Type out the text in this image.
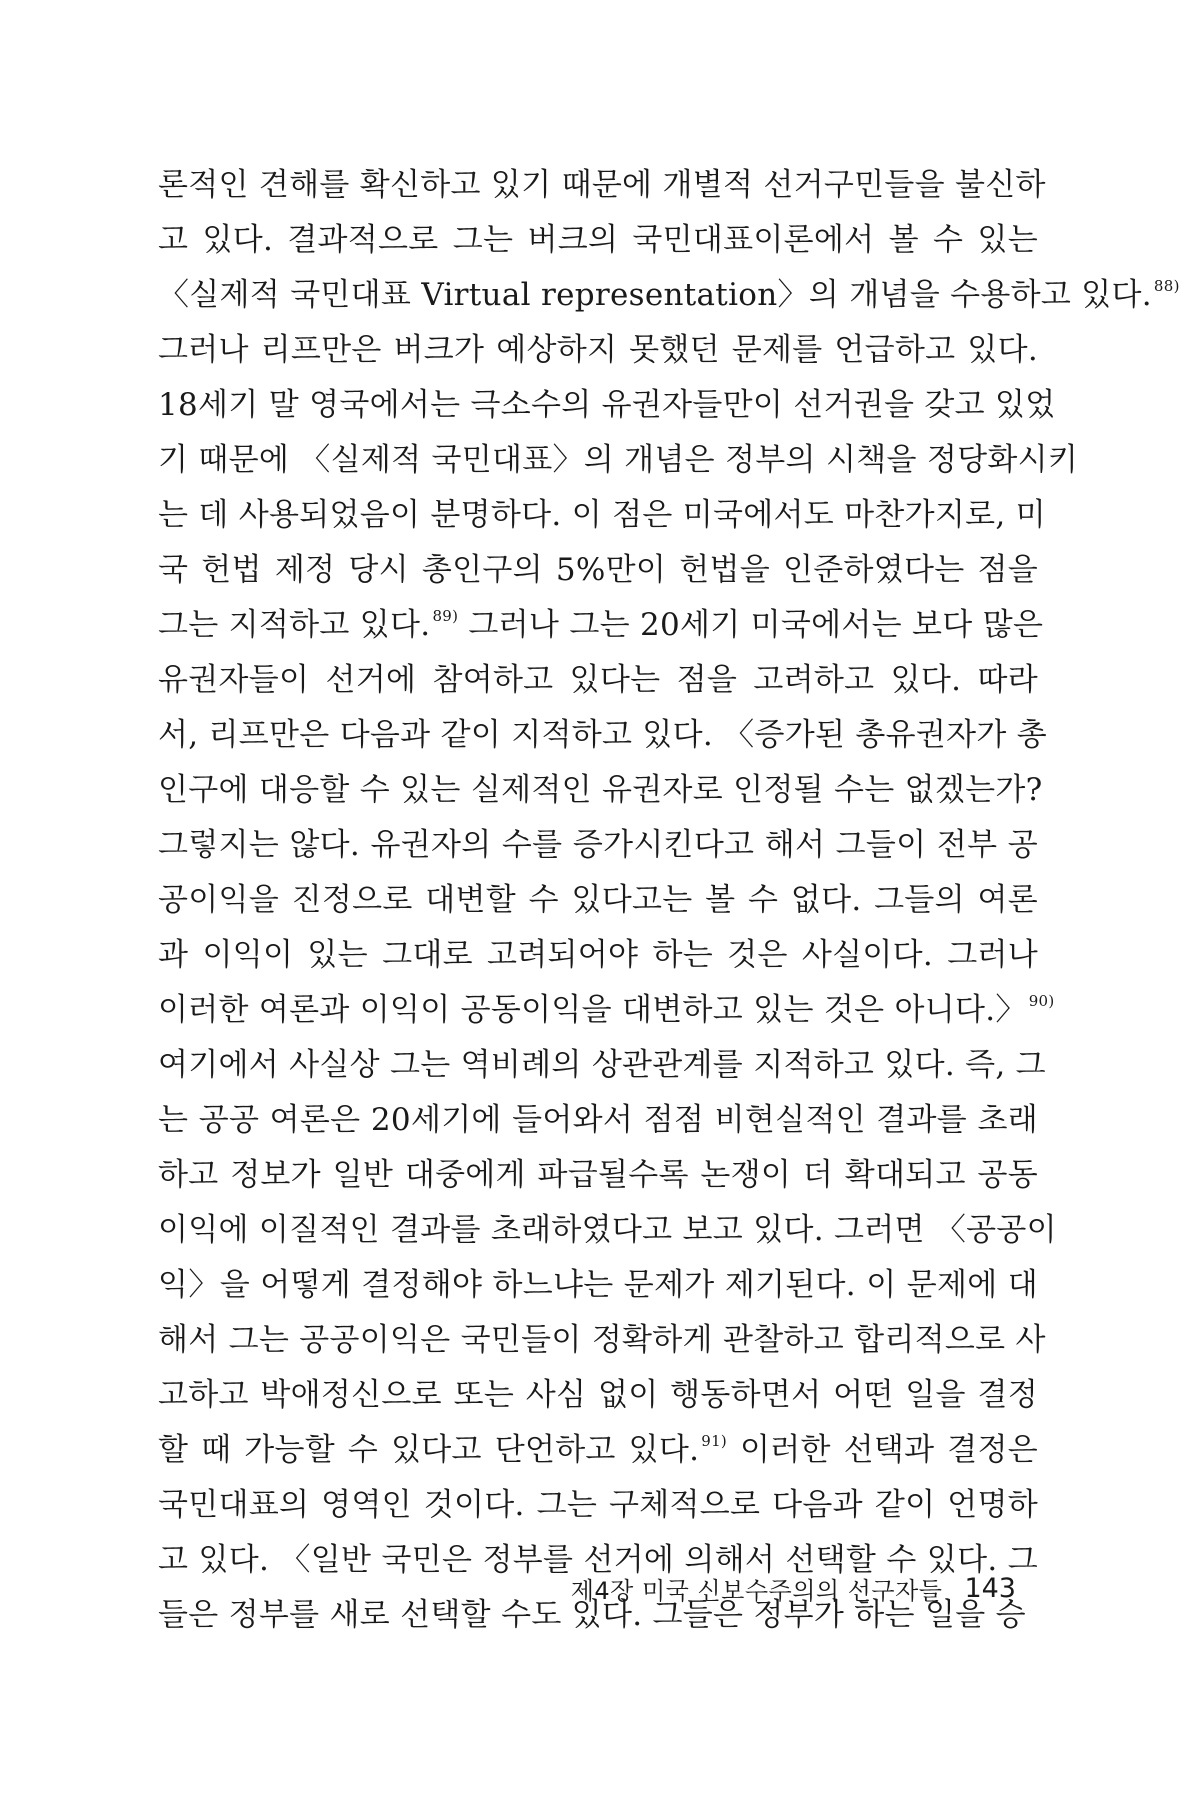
론적인 견해를 확신하고 있기 때문에 개별적 선거구민들을 불신하
고 있다. 결과적으로 그는 버크의 국민대표이론에서 볼 수 있는
〈실제적 국민대표 Virtual representation〉의 개념을 수용하고 있다. $^{88)}$
그러나 리프만은 버크가 예상하지 못했던 문제를 언급하고 있다.
18세기 말 영국에서는 극소수의 유권자들만이 선거권을 갖고 있었
기 때문에 〈실제적 국민대표〉의 개념은 정부의 시책을 정당화시키
는 데 사용되었음이 분명하다. 이 점은 미국에서도 마찬가지로, 미
국 헌법 제정 당시 총인구의 5%만이 헌법을 인준하였다는 점을
그는 지적하고 있다. $^{89)}$ 그러나 그는 20세기 미국에서는 보다 많은
유권자들이 선거에 참여하고 있다는 점을 고려하고 있다. 따라
서, 리프만은 다음과 같이 지적하고 있다. 〈증가된 총유권자가 총
인구에 대응할 수 있는 실제적인 유권자로 인정될 수는 없겠는가?
그렇지는 않다. 유권자의 수를 증가시킨다고 해서 그들이 전부 공
공이익을 진정으로 대변할 수 있다고는 볼 수 없다. 그들의 여론
과 이익이 있는 그대로 고려되어야 하는 것은 사실이다. 그러나
이러한 여론과 이익이 공동이익을 대변하고 있는 것은 아니다.〉 $^{90)}$
여기에서 사실상 그는 역비례의 상관관계를 지적하고 있다. 즉, 그
는 공공 여론은 20세기에 들어와서 점점 비현실적인 결과를 초래
하고 정보가 일반 대중에게 파급될수록 논쟁이 더 확대되고 공동
이익에 이질적인 결과를 초래하였다고 보고 있다. 그러면 〈공공이
익〉을 어떻게 결정해야 하느냐는 문제가 제기된다. 이 문제에 대
해서 그는 공공이익은 국민들이 정확하게 관찰하고 합리적으로 사
고하고 박애정신으로 또는 사심 없이 행동하면서 어떤 일을 결정
할 때 가능할 수 있다고 단언하고 있다. $^{91)}$ 이러한 선택과 결정은
국민대표의 영역인 것이다. 그는 구체적으로 다음과 같이 언명하
고 있다. 〈일반 국민은 정부를 선거에 의해서 선택할 수 있다. 그
들은 정부를 새로 선택할 수도 있다. 그들은 정부가 하는 일을 승
제4장 미국 신보수주의의 선구자들 143
